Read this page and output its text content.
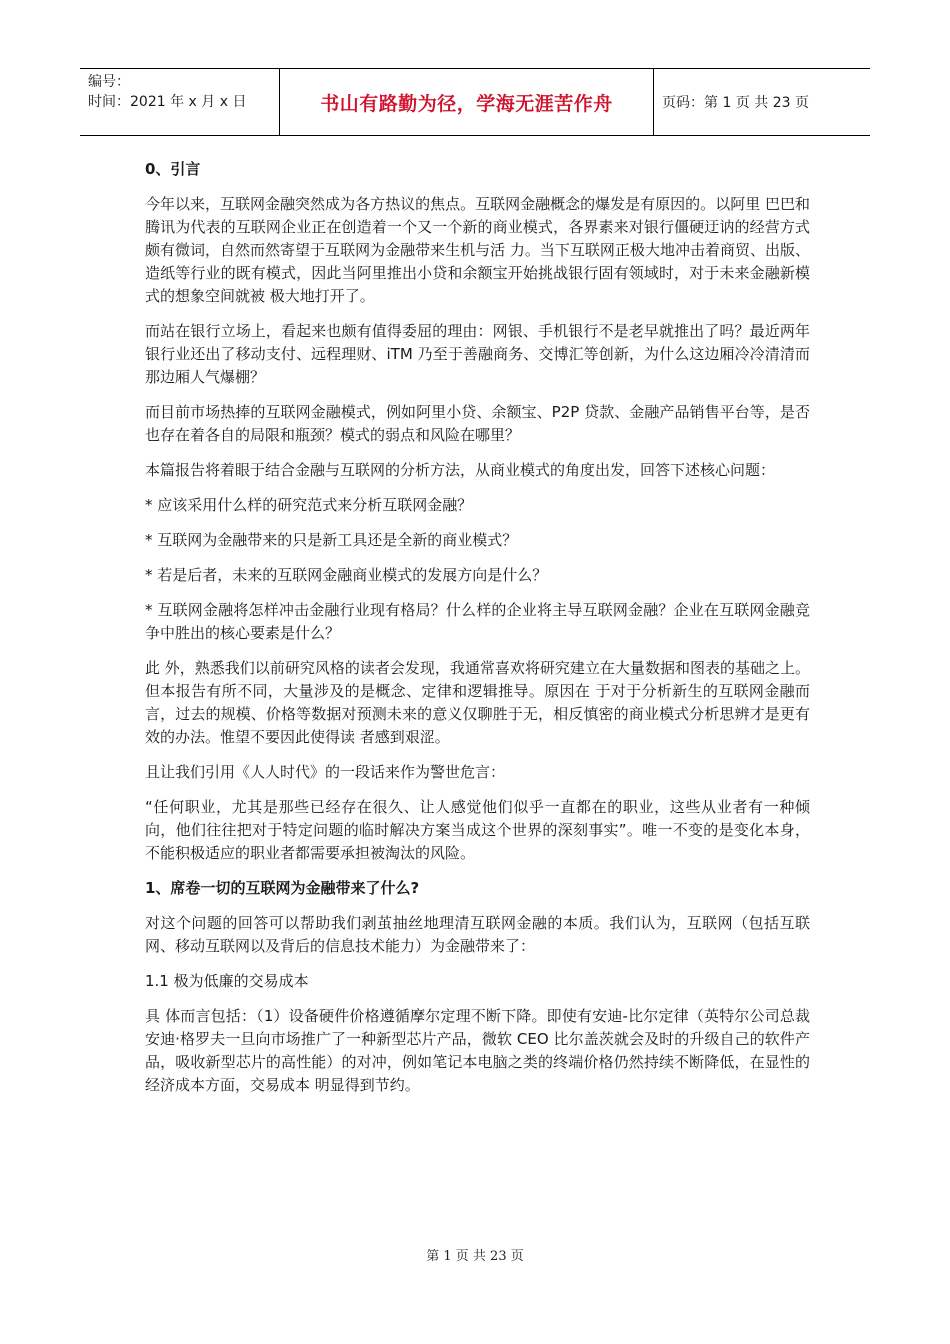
编号：
时间：2021 年 x 月 x 日	书山有路勤为径，学海无涯苦作舟	页码：第 1 页 共 23 页
0、引言

今年以来，互联网金融突然成为各方热议的焦点。互联网金融概念的爆发是有原因的。以阿里 巴巴和腾讯为代表的互联网企业正在创造着一个又一个新的商业模式，各界素来对银行僵硬迂讷的经营方式颇有微词，自然而然寄望于互联网为金融带来生机与活 力。当下互联网正极大地冲击着商贸、出版、造纸等行业的既有模式，因此当阿里推出小贷和余额宝开始挑战银行固有领域时，对于未来金融新模式的想象空间就被 极大地打开了。

而站在银行立场上，看起来也颇有值得委屈的理由：网银、手机银行不是老早就推出了吗？最近两年银行业还出了移动支付、远程理财、iTM 乃至于善融商务、交博汇等创新，为什么这边厢冷冷清清而那边厢人气爆棚？

而目前市场热捧的互联网金融模式，例如阿里小贷、余额宝、P2P 贷款、金融产品销售平台等，是否也存在着各自的局限和瓶颈？模式的弱点和风险在哪里？

本篇报告将着眼于结合金融与互联网的分析方法，从商业模式的角度出发，回答下述核心问题：

* 应该采用什么样的研究范式来分析互联网金融？

* 互联网为金融带来的只是新工具还是全新的商业模式？

* 若是后者，未来的互联网金融商业模式的发展方向是什么？

* 互联网金融将怎样冲击金融行业现有格局？什么样的企业将主导互联网金融？企业在互联网金融竞争中胜出的核心要素是什么？

此 外，熟悉我们以前研究风格的读者会发现，我通常喜欢将研究建立在大量数据和图表的基础之上。但本报告有所不同，大量涉及的是概念、定律和逻辑推导。原因在 于对于分析新生的互联网金融而言，过去的规模、价格等数据对预测未来的意义仅聊胜于无，相反慎密的商业模式分析思辨才是更有效的办法。惟望不要因此使得读 者感到艰涩。

且让我们引用《人人时代》的一段话来作为警世危言：

“任何职业，尤其是那些已经存在很久、让人感觉他们似乎一直都在的职业，这些从业者有一种倾向，他们往往把对于特定问题的临时解决方案当成这个世界的深刻事实”。唯一不变的是变化本身，不能积极适应的职业者都需要承担被淘汰的风险。

1、席卷一切的互联网为金融带来了什么?

对这个问题的回答可以帮助我们剥茧抽丝地理清互联网金融的本质。我们认为，互联网（包括互联网、移动互联网以及背后的信息技术能力）为金融带来了：

1.1 极为低廉的交易成本

具 体而言包括：（1）设备硬件价格遵循摩尔定理不断下降。即使有安迪-比尔定律（英特尔公司总裁安迪·格罗夫一旦向市场推广了一种新型芯片产品，微软 CEO 比尔盖茨就会及时的升级自己的软件产品，吸收新型芯片的高性能）的对冲，例如笔记本电脑之类的终端价格仍然持续不断降低，在显性的经济成本方面，交易成本 明显得到节约。

第 1 页 共 23 页
